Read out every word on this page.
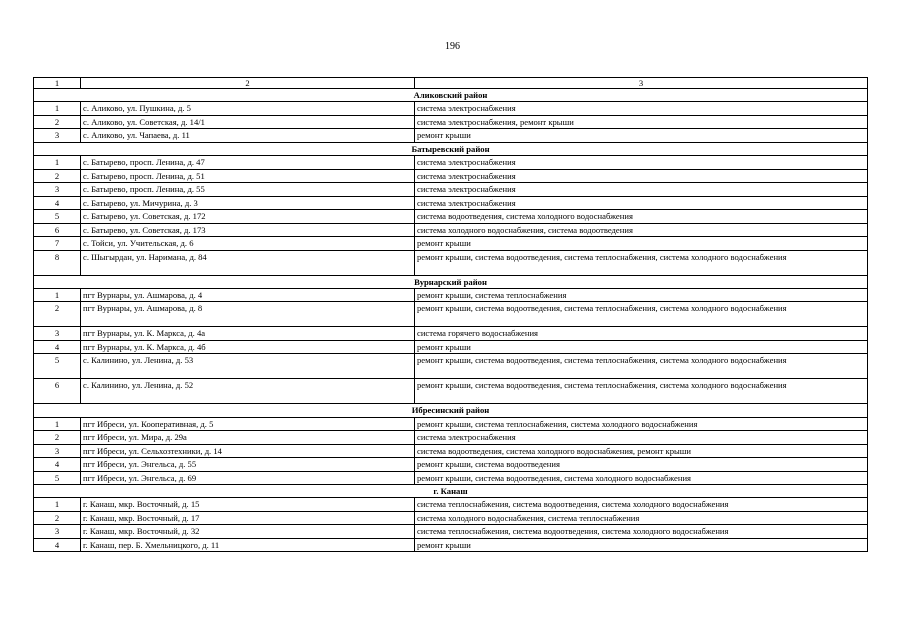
196
1	2	3
Аликовский район		
1	с. Аликово, ул. Пушкина, д. 5	система электроснабжения
2	с. Аликово, ул. Советская, д. 14/1	система электроснабжения, ремонт крыши
3	с. Аликово, ул. Чапаева, д. 11	ремонт крыши
Батыревский район		
1	с. Батырево, просп. Ленина, д. 47	система электроснабжения
2	с. Батырево, просп. Ленина, д. 51	система электроснабжения
3	с. Батырево, просп. Ленина, д. 55	система электроснабжения
4	с. Батырево, ул. Мичурина, д. 3	система электроснабжения
5	с. Батырево, ул. Советская, д. 172	система водоотведения, система холодного водоснабжения
6	с. Батырево, ул. Советская, д. 173	система холодного водоснабжения, система водоотведения
7	с. Тойси, ул. Учительская, д. 6	ремонт крыши
8	с. Шыгырдан, ул. Нариманa, д. 84	ремонт крыши, система водоотведения, система теплоснабжения, система холодного водоснабжения
Вурнарский район		
1	пгт Вурнары, ул. Ашмарова, д. 4	ремонт крыши, система теплоснабжения
2	пгт Вурнары, ул. Ашмарова, д. 8	ремонт крыши, система водоотведения, система теплоснабжения, система холодного водоснабжения
3	пгт Вурнары, ул. К. Маркса, д. 4а	система горячего водоснабжения
4	пгт Вурнары, ул. К. Маркса, д. 4б	ремонт крыши
5	с. Калинино, ул. Ленина, д. 53	ремонт крыши, система водоотведения, система теплоснабжения, система холодного водоснабжения
6	с. Калинино, ул. Ленина, д. 52	ремонт крыши, система водоотведения, система теплоснабжения, система холодного водоснабжения
Ибресинский район		
1	пгт Ибреси, ул. Кооперативная, д. 5	ремонт крыши, система теплоснабжения, система холодного водоснабжения
2	пгт Ибреси, ул. Мира, д. 29а	система электроснабжения
3	пгт Ибреси, ул. Сельхозтехники, д. 14	система водоотведения, система холодного водоснабжения, ремонт крыши
4	пгт Ибреси, ул. Энгельса, д. 55	ремонт крыши, система водоотведения
5	пгт Ибреси, ул. Энгельса, д. 69	ремонт крыши, система водоотведения, система холодного водоснабжения
г. Канаш		
1	г. Канаш, мкр. Восточный, д. 15	система теплоснабжения, система водоотведения, система холодного водоснабжения
2	г. Канаш, мкр. Восточный, д. 17	система холодного водоснабжения, система теплоснабжения
3	г. Канаш, мкр. Восточный, д. 32	система теплоснабжения, система водоотведения, система холодного водоснабжения
4	г. Канаш, пер. Б. Хмельницкого, д. 11	ремонт крыши
